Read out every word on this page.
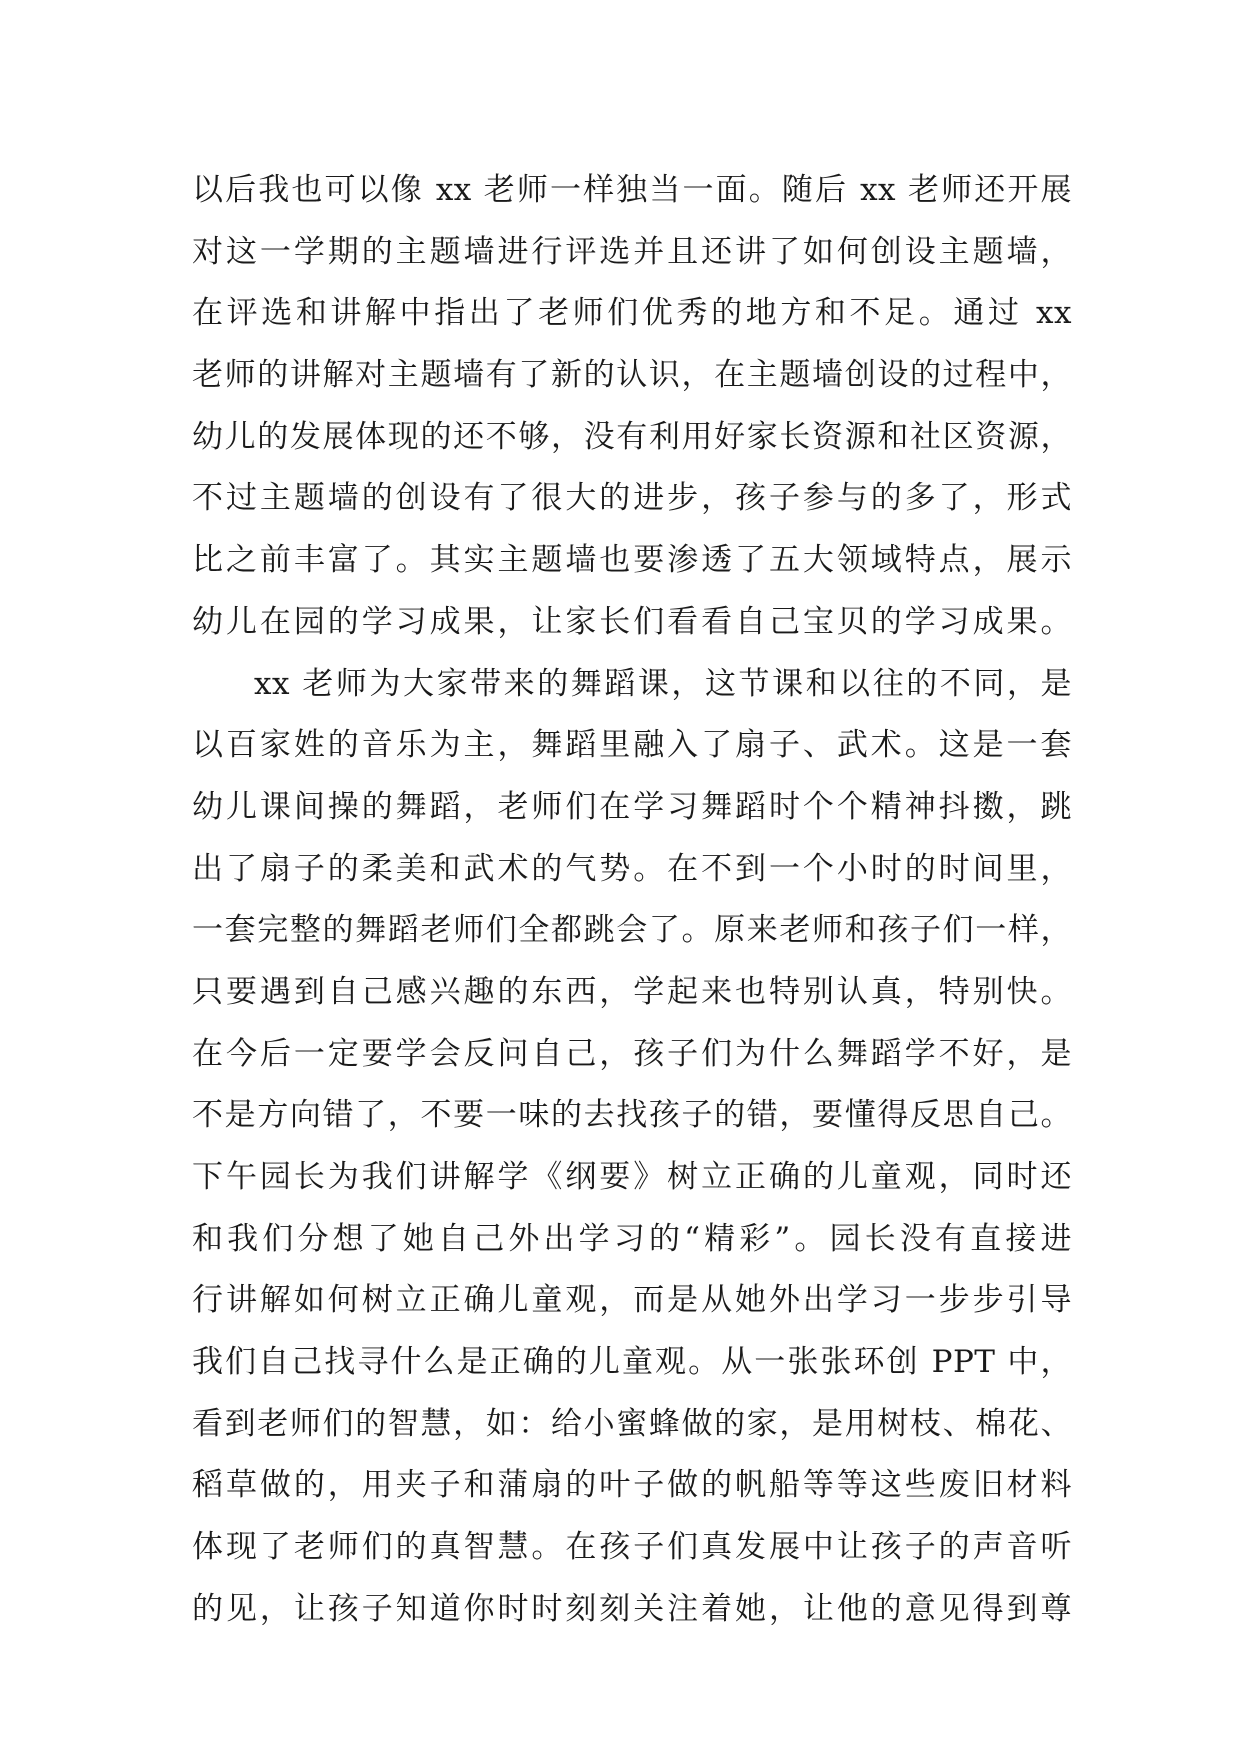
以后我也可以像 xx 老师一样独当一面。随后 xx 老师还开展
对这一学期的主题墙进行评选并且还讲了如何创设主题墙，
在评选和讲解中指出了老师们优秀的地方和不足。通过 xx
老师的讲解对主题墙有了新的认识，在主题墙创设的过程中，
幼儿的发展体现的还不够，没有利用好家长资源和社区资源，
不过主题墙的创设有了很大的进步，孩子参与的多了，形式
比之前丰富了。其实主题墙也要渗透了五大领域特点，展示
幼儿在园的学习成果，让家长们看看自己宝贝的学习成果。
xx 老师为大家带来的舞蹈课，这节课和以往的不同，是
以百家姓的音乐为主，舞蹈里融入了扇子、武术。这是一套
幼儿课间操的舞蹈，老师们在学习舞蹈时个个精神抖擞，跳
出了扇子的柔美和武术的气势。在不到一个小时的时间里，
一套完整的舞蹈老师们全都跳会了。原来老师和孩子们一样，
只要遇到自己感兴趣的东西，学起来也特别认真，特别快。
在今后一定要学会反问自己，孩子们为什么舞蹈学不好，是
不是方向错了，不要一味的去找孩子的错，要懂得反思自己。
下午园长为我们讲解学《纲要》树立正确的儿童观，同时还
和我们分想了她自己外出学习的“精彩”。园长没有直接进
行讲解如何树立正确儿童观，而是从她外出学习一步步引导
我们自己找寻什么是正确的儿童观。从一张张环创 PPT 中，
看到老师们的智慧，如：给小蜜蜂做的家，是用树枝、棉花、
稻草做的，用夹子和蒲扇的叶子做的帆船等等这些废旧材料
体现了老师们的真智慧。在孩子们真发展中让孩子的声音听
的见，让孩子知道你时时刻刻关注着她，让他的意见得到尊
